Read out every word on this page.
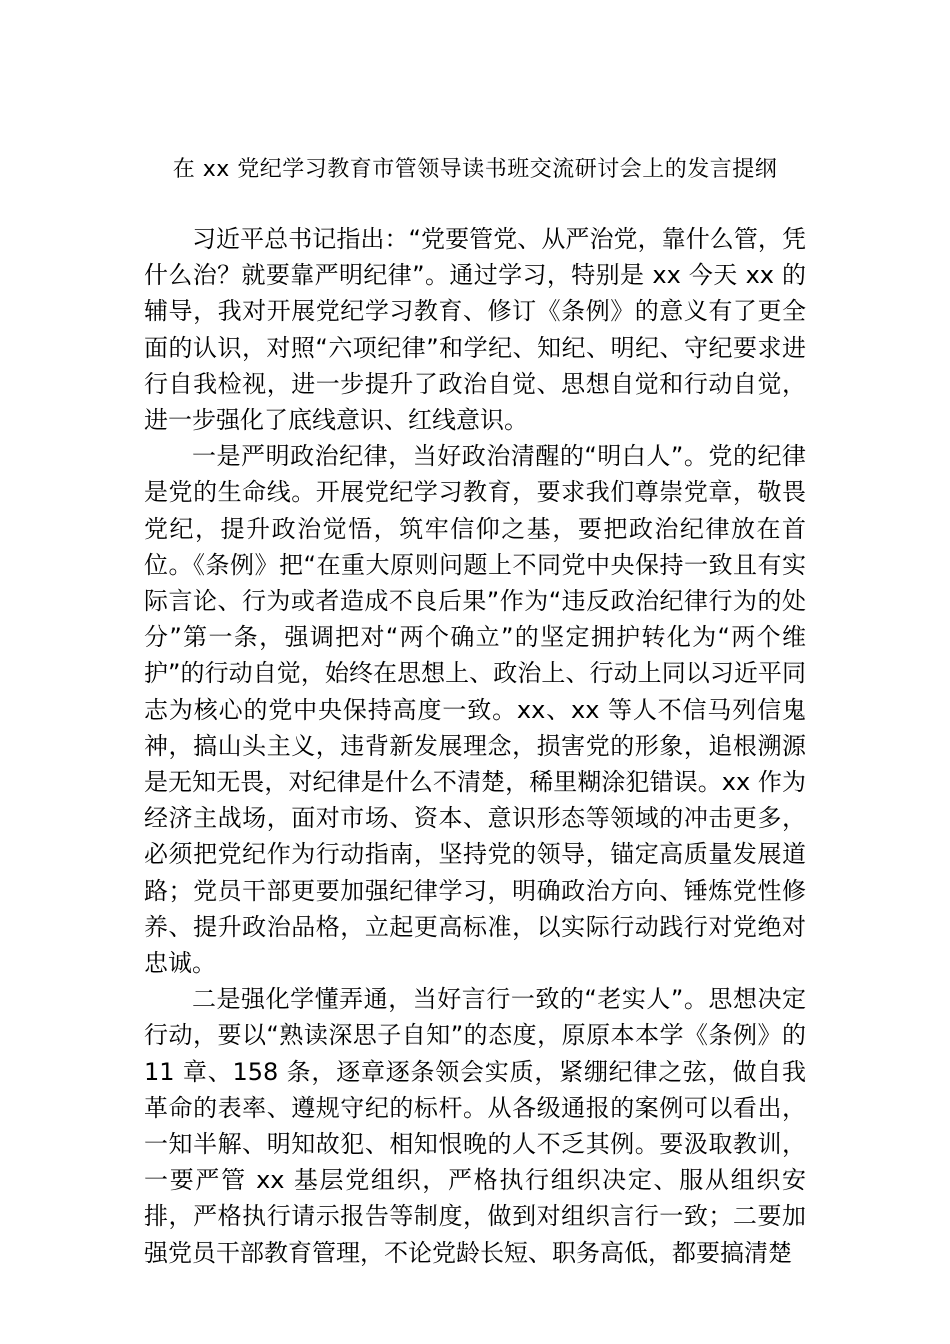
在 xx 党纪学习教育市管领导读书班交流研讨会上的发言提纲

习近平总书记指出：“党要管党、从严治党，靠什么管，凭什么治？就要靠严明纪律”。通过学习，特别是 xx 今天 xx 的辅导，我对开展党纪学习教育、修订《条例》的意义有了更全面的认识，对照“六项纪律”和学纪、知纪、明纪、守纪要求进行自我检视，进一步提升了政治自觉、思想自觉和行动自觉，进一步强化了底线意识、红线意识。

一是严明政治纪律，当好政治清醒的“明白人”。党的纪律是党的生命线。开展党纪学习教育，要求我们尊崇党章，敬畏党纪，提升政治觉悟，筑牢信仰之基，要把政治纪律放在首位。《条例》把“在重大原则问题上不同党中央保持一致且有实际言论、行为或者造成不良后果”作为“违反政治纪律行为的处分”第一条，强调把对“两个确立”的坚定拥护转化为“两个维护”的行动自觉，始终在思想上、政治上、行动上同以习近平同志为核心的党中央保持高度一致。xx、xx 等人不信马列信鬼神，搞山头主义，违背新发展理念，损害党的形象，追根溯源是无知无畏，对纪律是什么不清楚，稀里糊涂犯错误。xx 作为经济主战场，面对市场、资本、意识形态等领域的冲击更多，必须把党纪作为行动指南，坚持党的领导，锚定高质量发展道路；党员干部更要加强纪律学习，明确政治方向、锤炼党性修养、提升政治品格，立起更高标准，以实际行动践行对党绝对忠诚。

二是强化学懂弄通，当好言行一致的“老实人”。思想决定行动，要以“熟读深思子自知”的态度，原原本本学《条例》的 11 章、158 条，逐章逐条领会实质，紧绷纪律之弦，做自我革命的表率、遵规守纪的标杆。从各级通报的案例可以看出，一知半解、明知故犯、相知恨晚的人不乏其例。要汲取教训，一要严管 xx 基层党组织，严格执行组织决定、服从组织安排，严格执行请示报告等制度，做到对组织言行一致；二要加强党员干部教育管理，不论党龄长短、职务高低，都要搞清楚
